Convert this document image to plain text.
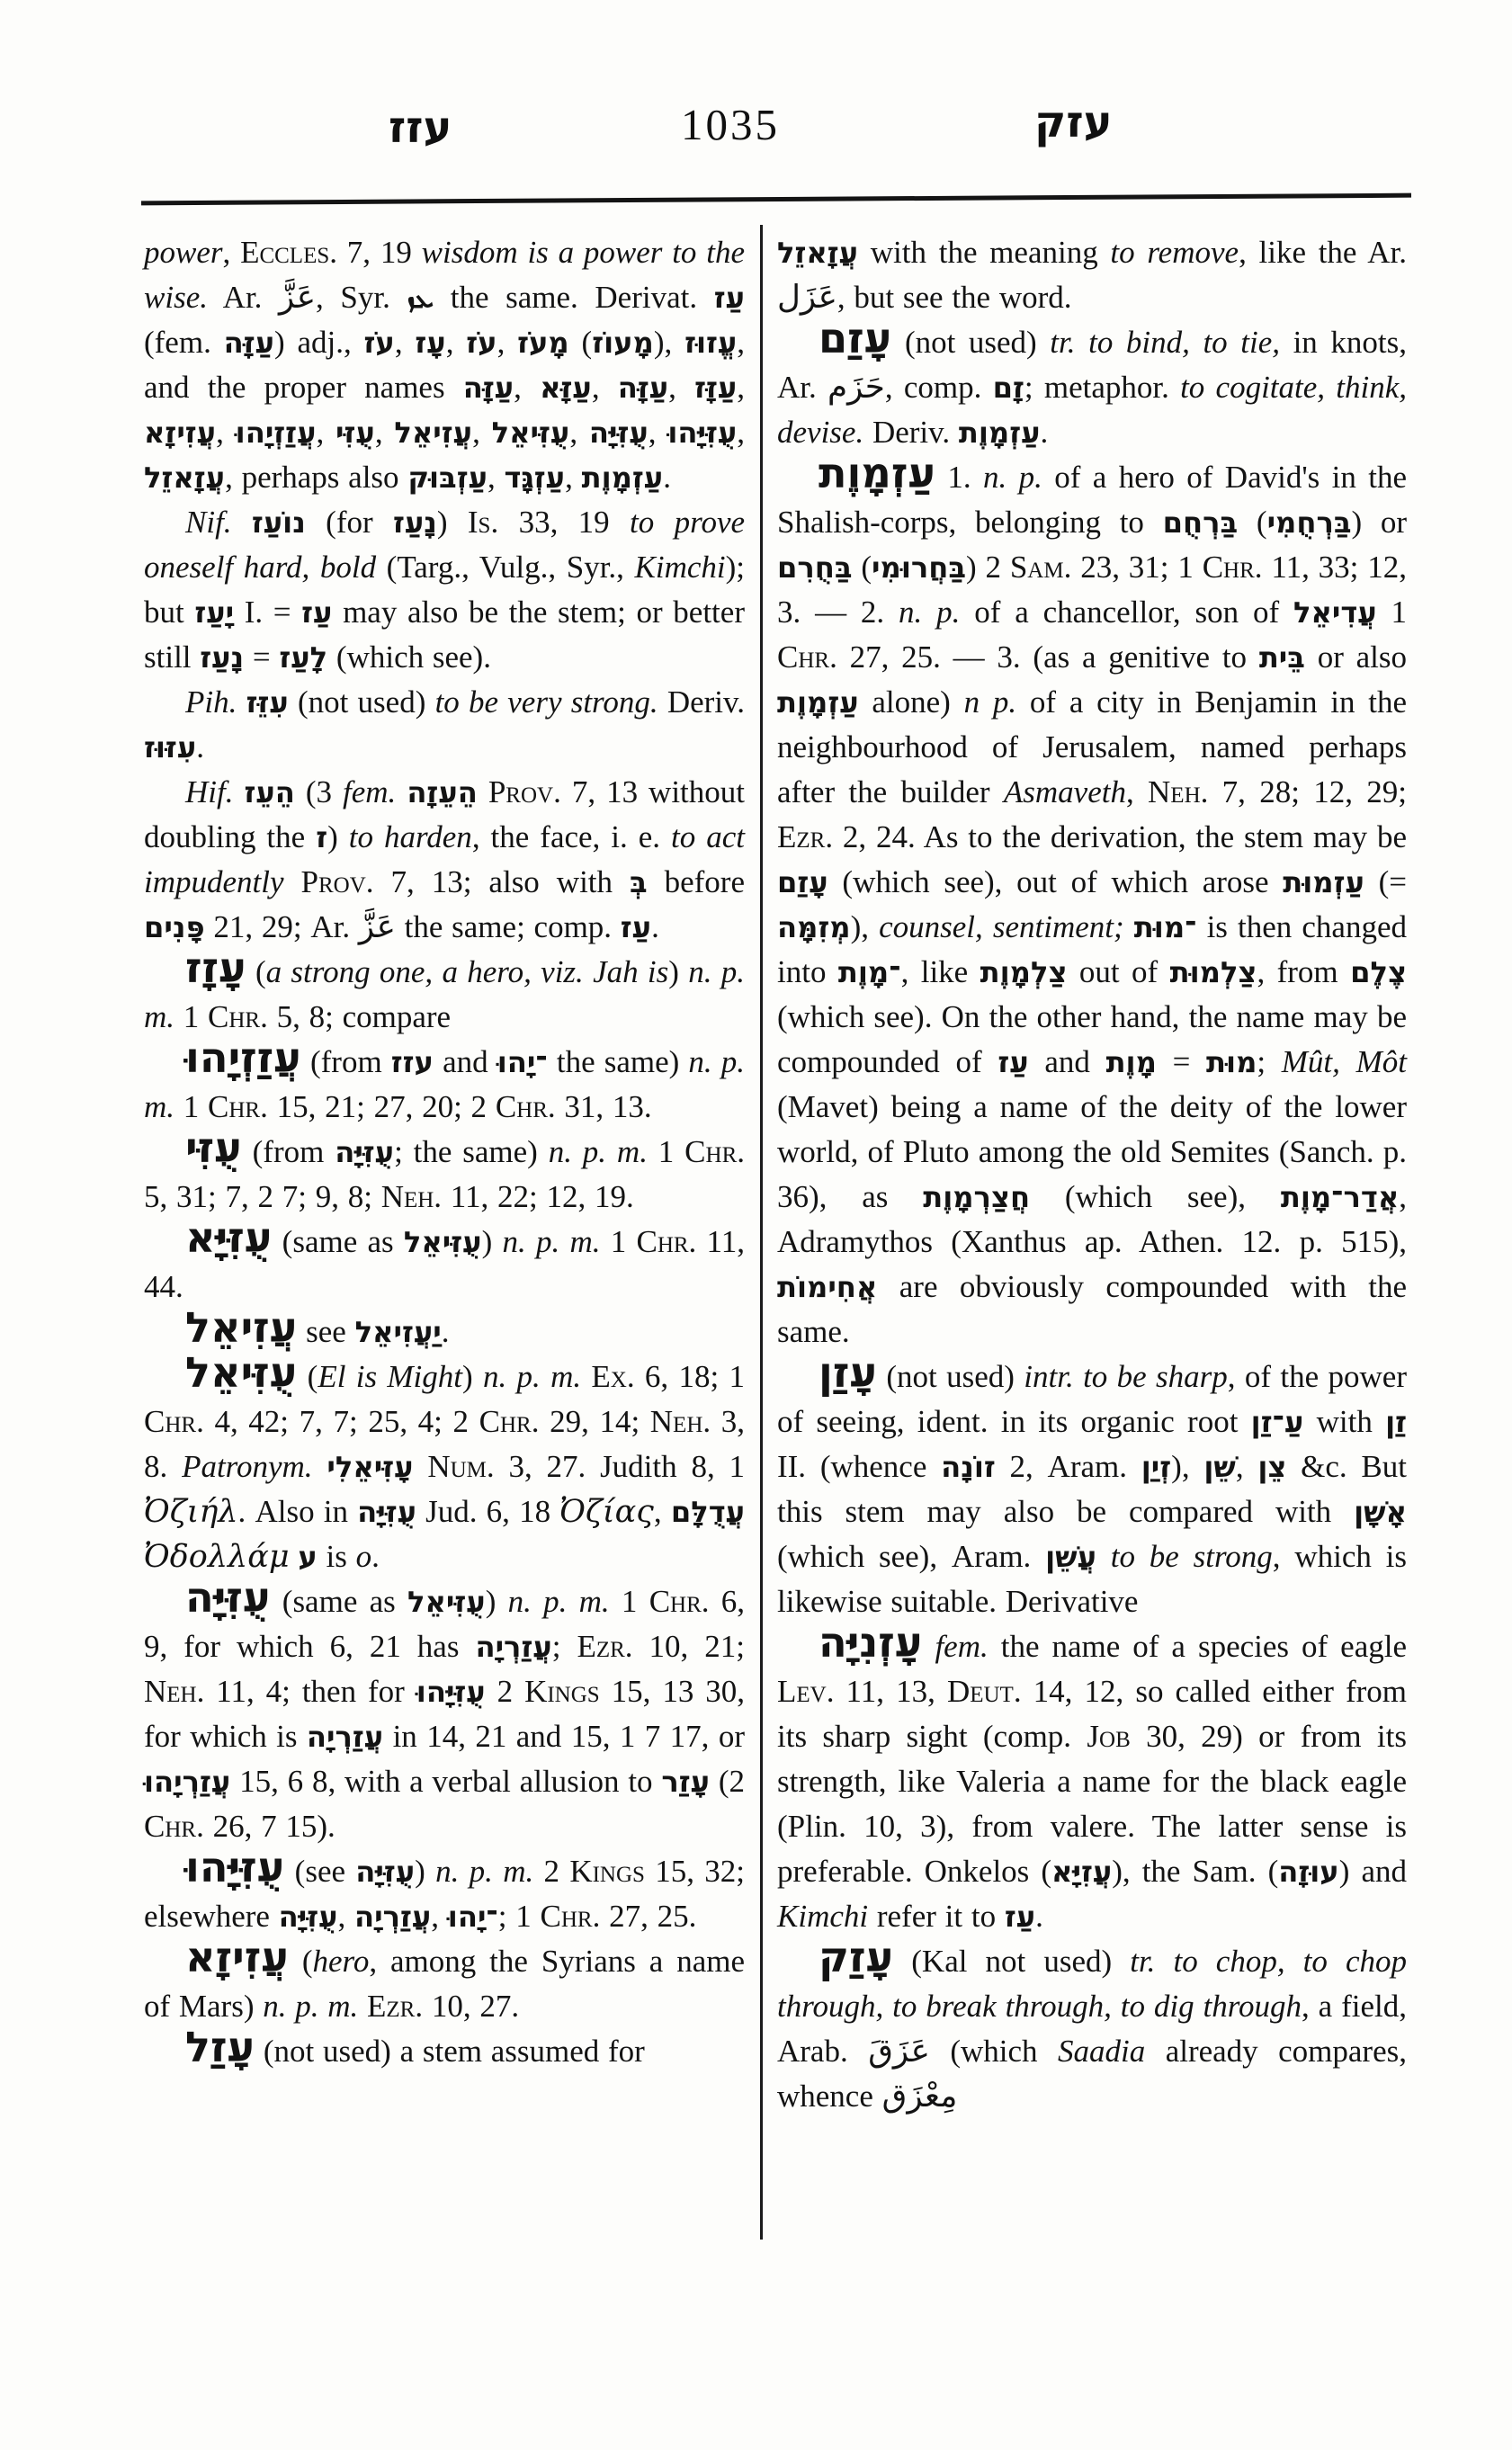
עזז	1035	עזק

power, Eccles. 7, 19 wisdom is a power to the wise. Ar. عَزَّ, Syr. ܥܙ the same. Derivat. עַז (fem. עַזָּה) adj., עֹז, עָז, עֹז, מָעֹז (מָעוֹז), עֱזוּז, and the proper names עַזָּה, עַזָּא, עַזָּה, עַזָּז, עֲזִיזָא, עֲזַזְיָהוּ, עֻזִּי, עֲזִיאֵל, עֻזִּיאֵל, עֻזִּיָּה, עֻזִּיָּהוּ, עֲזָאזֵל, perhaps also עַזְבּוּק, עַזְגָּד, עַזְמָוֶת.

Nif. נוֹעַז (for נָעַז) Is. 33, 19 to prove oneself hard, bold (Targ., Vulg., Syr., Kimchi); but יָעַז I. = עַז may also be the stem; or better still נָעַז = לָעַז (which see).

Pih. עִזֵּז (not used) to be very strong. Deriv. עִזּוּז.

Hif. הֵעֵז (3 fem. הֵעֵזָה Prov. 7, 13 without doubling the ז) to harden, the face, i. e. to act impudently Prov. 7, 13; also with בְּ before פָּנִים 21, 29; Ar. عَزَّ the same; comp. עַז.

עָזָז (a strong one, a hero, viz. Jah is) n. p. m. 1 Chr. 5, 8; compare

עֲזַזְיָהוּ (from עזז and ־יָהוּ the same) n. p. m. 1 Chr. 15, 21; 27, 20; 2 Chr. 31, 13.

עֻזִּי (from עֻזִּיָּה; the same) n. p. m. 1 Chr. 5, 31; 7, 2 7; 9, 8; Neh. 11, 22; 12, 19.

עֻזִּיָּא (same as עֻזִּיאֵל) n. p. m. 1 Chr. 11, 44.

עֲזִיאֵל see יַעֲזִיאֵל.

עֻזִּיאֵל (El is Might) n. p. m. Ex. 6, 18; 1 Chr. 4, 42; 7, 7; 25, 4; 2 Chr. 29, 14; Neh. 3, 8. Patronym. עָזִּיאֵלִי Num. 3, 27. Judith 8, 1 Ὀζιήλ. Also in עֻזִּיָּה Jud. 6, 18 Ὀζίας, עֲדֻלָּם Ὀδολλάμ ע is o.

עֻזִּיָּה (same as עֻזִּיאֵל) n. p. m. 1 Chr. 6, 9, for which 6, 21 has עֲזַרְיָה; Ezr. 10, 21; Neh. 11, 4; then for עֻזִּיָּהוּ 2 Kings 15, 13 30, for which is עֲזַרְיָה in 14, 21 and 15, 1 7 17, or עֲזַרְיָהוּ 15, 6 8, with a verbal allusion to עָזַר (2 Chr. 26, 7 15).

עֻזִּיָּהוּ (see עֻזִּיָּה) n. p. m. 2 Kings 15, 32; elsewhere עֻזִּיָּה, עֲזַרְיָה, ־יָהוּ; 1 Chr. 27, 25.

עֲזִיזָא (hero, among the Syrians a name of Mars) n. p. m. Ezr. 10, 27.

עָזַל (not used) a stem assumed for

עֲזָאזֵל with the meaning to remove, like the Ar. عَزَل, but see the word.

עָזַם (not used) tr. to bind, to tie, in knots, Ar. حَزَم, comp. זָם; metaphor. to cogitate, think, devise. Deriv. עַזְמָוֶת.

עַזְמָוֶת 1. n. p. of a hero of David's in the Shalish-corps, belonging to בַּרְחֻם (בַּרְחֻמִי) or בַּחֻרִם (בַּחֲרוּמִי) 2 Sam. 23, 31; 1 Chr. 11, 33; 12, 3. — 2. n. p. of a chancellor, son of עֲדִיאֵל 1 Chr. 27, 25. — 3. (as a genitive to בֵּית or also עַזְמָוֶת alone) n p. of a city in Benjamin in the neighbourhood of Jerusalem, named perhaps after the builder Asmaveth, Neh. 7, 28; 12, 29; Ezr. 2, 24. As to the derivation, the stem may be עָזַם (which see), out of which arose עַזְמוּת (= מְזִמָּה), counsel, sentiment; ־מוּת is then changed into ־מָוֶת, like צַלְמָוֶת out of צַלְמוּת, from צֶלֶם (which see). On the other hand, the name may be compounded of עַז and מָוֶת = מוּת; Mût, Môt (Mavet) being a name of the deity of the lower world, of Pluto among the old Semites (Sanch. p. 36), as חֲצַרְמָוֶת (which see), אֲדַר־מָוֶת, Adramythos (Xanthus ap. Athen. 12. p. 515), אֲחִימוֹת are obviously compounded with the same.

עָזַן (not used) intr. to be sharp, of the power of seeing, ident. in its organic root עַ־זַן with זַן II. (whence זוֹנָה 2, Aram. זְיַן), שֵׁן, צֵן &c. But this stem may also be compared with אָשָׁן (which see), Aram. עֲשֵׁן to be strong, which is likewise suitable. Derivative

עָזְנִיָּה fem. the name of a species of eagle Lev. 11, 13, Deut. 14, 12, so called either from its sharp sight (comp. Job 30, 29) or from its strength, like Valeria a name for the black eagle (Plin. 10, 3), from valere. The latter sense is preferable. Onkelos (עֲזִיָּא), the Sam. (עוּזָה) and Kimchi refer it to עַז.

עָזַק (Kal not used) tr. to chop, to chop through, to break through, to dig through, a field, Arab. عَزَقَ (which Saadia already compares, whence مِعْزَق
